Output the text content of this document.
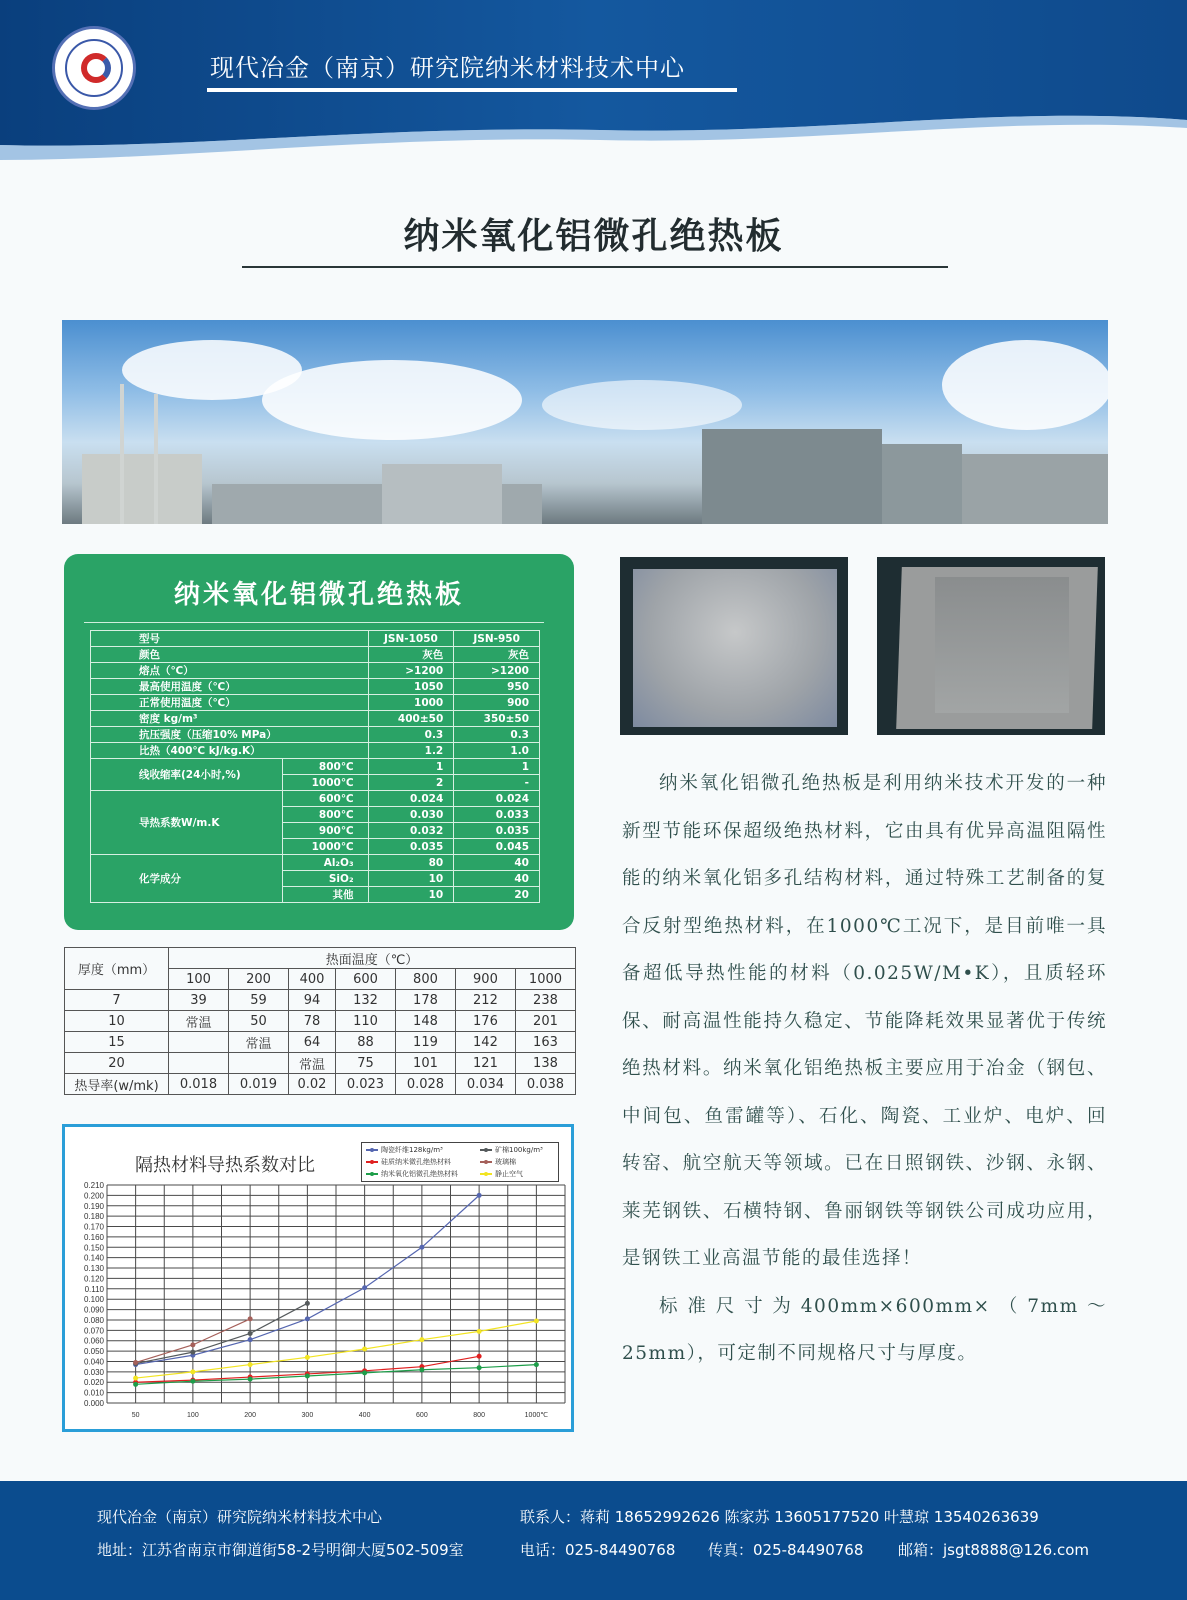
现代冶金（南京）研究院纳米材料技术中心
纳米氧化铝微孔绝热板
纳米氧化铝微孔绝热板
型号		JSN-1050	JSN-950
颜色		灰色	灰色
熔点（℃）		>1200	>1200
最高使用温度（℃）		1050	950
正常使用温度（℃）		1000	900
密度 kg/m³		400±50	350±50
抗压强度（压缩10% MPa）		0.3	0.3
比热（400℃ kJ/kg.K）		1.2	1.0
线收缩率(24小时,%)	800℃	1	1
	1000℃	2	-
导热系数W/m.K	600℃	0.024	0.024
	800℃	0.030	0.033
	900℃	0.032	0.035
	1000℃	0.035	0.045
化学成分	Al₂O₃	80	40
	SiO₂	10	40
	其他	10	20
厚度（mm）	热面温度（℃）						
	100	200	400	600	800	900	1000
7	39	59	94	132	178	212	238
10	常温	50	78	110	148	176	201
15		常温	64	88	119	142	163
20			常温	75	101	121	138
热导率(w/mk)	0.018	0.019	0.02	0.023	0.028	0.034	0.038
隔热材料导热系数对比
陶瓷纤维128kg/m³	矿棉100kg/m³
硅质纳米微孔绝热材料	玻璃棉
纳米氧化铝微孔绝热材料	静止空气
0.000
0.010
0.020
0.030
0.040
0.050
0.060
0.070
0.080
0.090
0.100
0.110
0.120
0.130
0.140
0.150
0.160
0.170
0.180
0.190
0.200
0.210
50	100	200	300	400	600	800	1000℃

纳米氧化铝微孔绝热板是利用纳米技术开发的一种新型节能环保超级绝热材料，它由具有优异高温阻隔性能的纳米氧化铝多孔结构材料，通过特殊工艺制备的复合反射型绝热材料，在1000℃工况下，是目前唯一具备超低导热性能的材料（0.025W/M•K），且质轻环保、耐高温性能持久稳定、节能降耗效果显著优于传统绝热材料。纳米氧化铝绝热板主要应用于冶金（钢包、中间包、鱼雷罐等）、石化、陶瓷、工业炉、电炉、回转窑、航空航天等领域。已在日照钢铁、沙钢、永钢、莱芜钢铁、石横特钢、鲁丽钢铁等钢铁公司成功应用，是钢铁工业高温节能的最佳选择！

标准尺寸为400mm×600mm×（7mm～25mm），可定制不同规格尺寸与厚度。

现代冶金（南京）研究院纳米材料技术中心	联系人：蒋莉 18652992626 陈家苏 13605177520 叶慧琼 13540263639
地址：江苏省南京市御道街58-2号明御大厦502-509室	电话：025-84490768 传真：025-84490768 邮箱：jsgt8888@126.com
